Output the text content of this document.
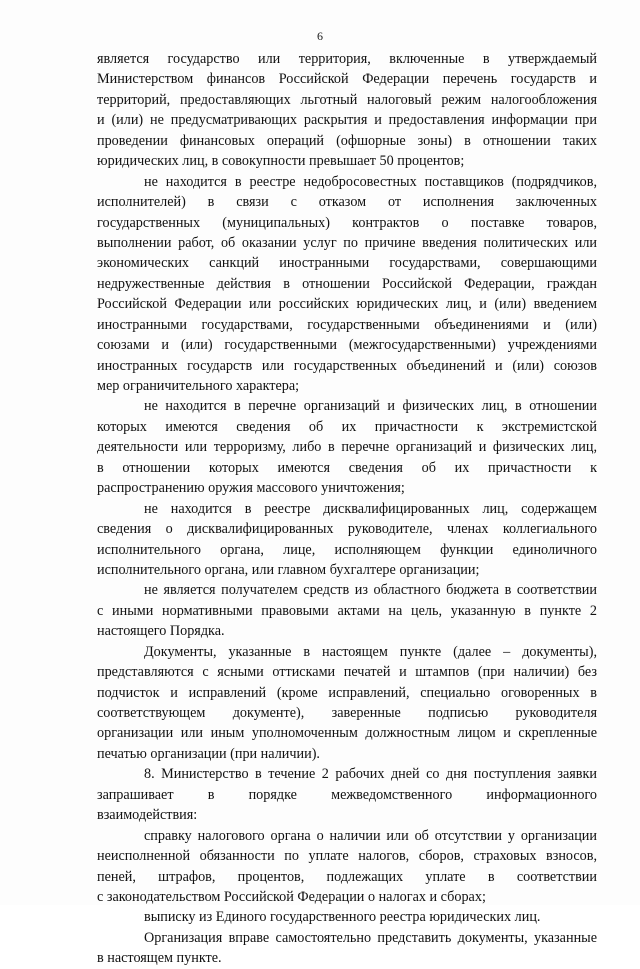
6
является государство или территория, включенные в утверждаемый
Министерством финансов Российской Федерации перечень государств и
территорий, предоставляющих льготный налоговый режим налогообложения
и (или) не предусматривающих раскрытия и предоставления информации при
проведении финансовых операций (офшорные зоны) в отношении таких
юридических лиц, в совокупности превышает 50 процентов;
не находится в реестре недобросовестных поставщиков (подрядчиков,
исполнителей) в связи с отказом от исполнения заключенных
государственных (муниципальных) контрактов о поставке товаров,
выполнении работ, об оказании услуг по причине введения политических или
экономических санкций иностранными государствами, совершающими
недружественные действия в отношении Российской Федерации, граждан
Российской Федерации или российских юридических лиц, и (или) введением
иностранными государствами, государственными объединениями и (или)
союзами и (или) государственными (межгосударственными) учреждениями
иностранных государств или государственных объединений и (или) союзов
мер ограничительного характера;
не находится в перечне организаций и физических лиц, в отношении
которых имеются сведения об их причастности к экстремистской
деятельности или терроризму, либо в перечне организаций и физических лиц,
в отношении которых имеются сведения об их причастности к
распространению оружия массового уничтожения;
не находится в реестре дисквалифицированных лиц, содержащем
сведения о дисквалифицированных руководителе, членах коллегиального
исполнительного органа, лице, исполняющем функции единоличного
исполнительного органа, или главном бухгалтере организации;
не является получателем средств из областного бюджета в соответствии
с иными нормативными правовыми актами на цель, указанную в пункте 2
настоящего Порядка.
Документы, указанные в настоящем пункте (далее – документы),
представляются с ясными оттисками печатей и штампов (при наличии) без
подчисток и исправлений (кроме исправлений, специально оговоренных в
соответствующем документе), заверенные подписью руководителя
организации или иным уполномоченным должностным лицом и скрепленные
печатью организации (при наличии).
8. Министерство в течение 2 рабочих дней со дня поступления заявки
запрашивает в порядке межведомственного информационного
взаимодействия:
справку налогового органа о наличии или об отсутствии у организации
неисполненной обязанности по уплате налогов, сборов, страховых взносов,
пеней, штрафов, процентов, подлежащих уплате в соответствии
с законодательством Российской Федерации о налогах и сборах;
выписку из Единого государственного реестра юридических лиц.
Организация вправе самостоятельно представить документы, указанные
в настоящем пункте.
